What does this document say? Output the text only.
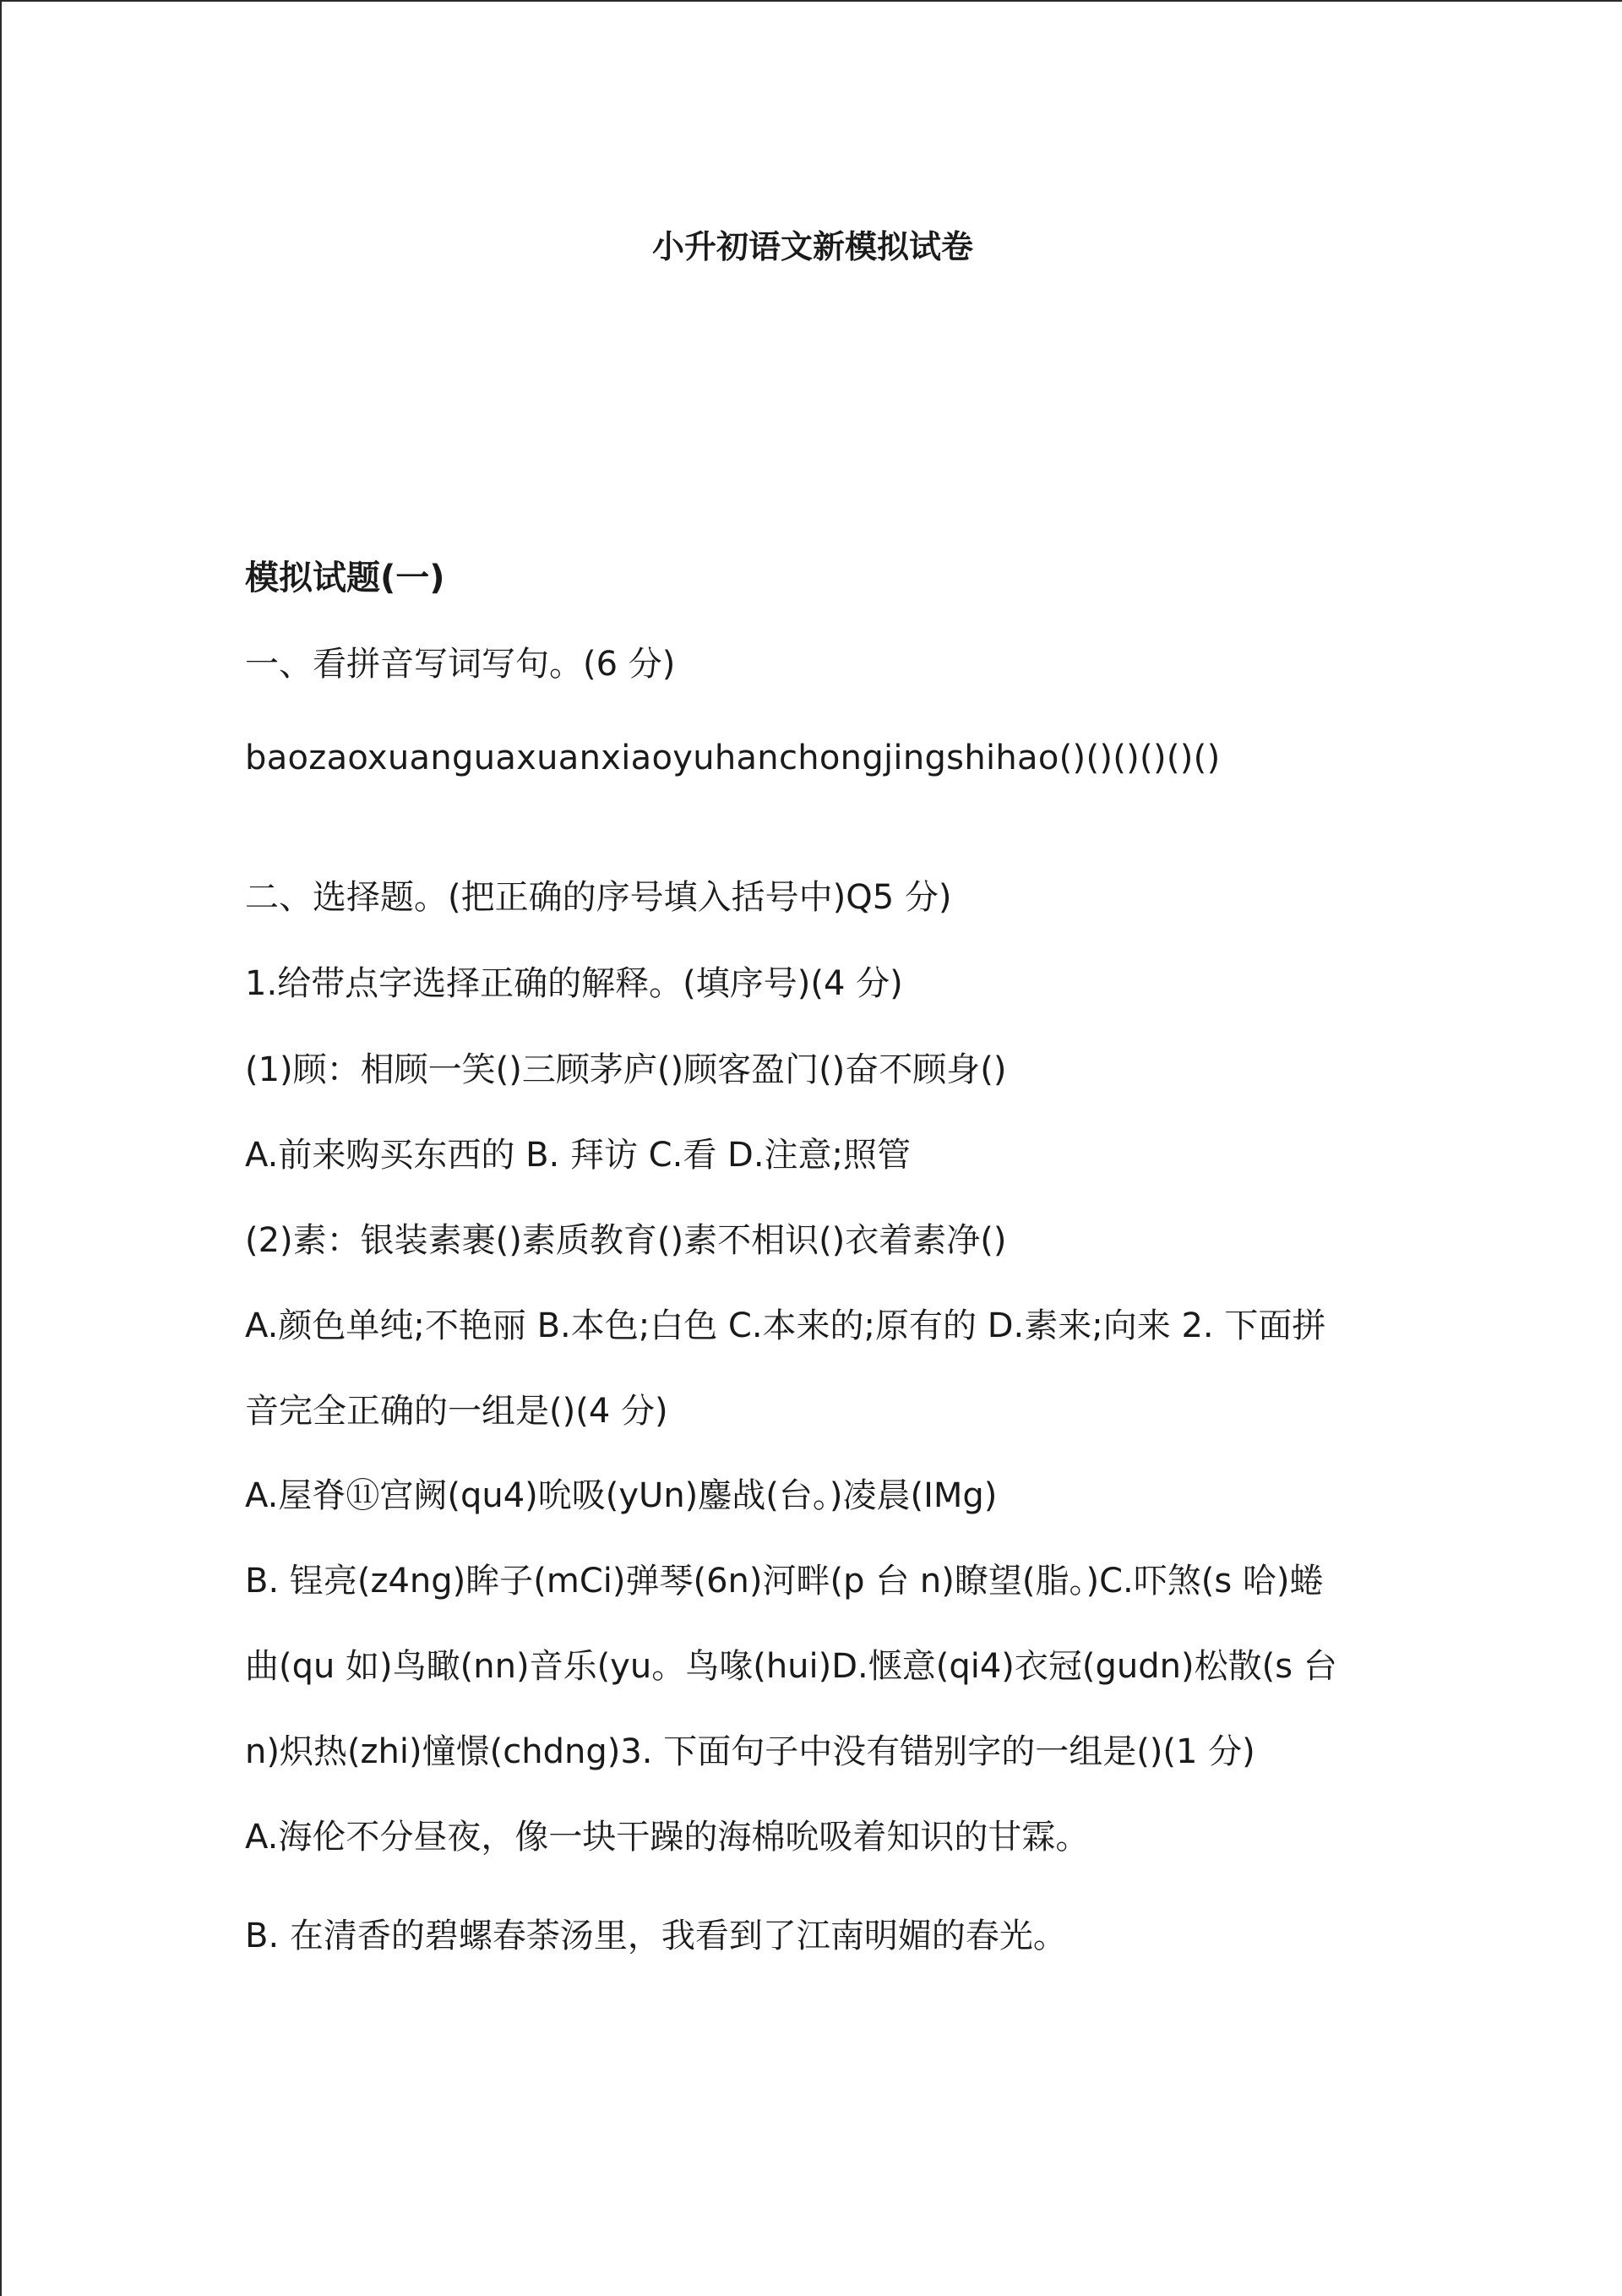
小升初语文新模拟试卷
模拟试题(一)
一、看拼音写词写句。(6 分)
baozaoxuanguaxuanxiaoyuhanchongjingshihao()()()()()()
二、选择题。(把正确的序号填入括号中)Q5 分)
1.给带点字选择正确的解释。(填序号)(4 分)
(1)顾：相顾一笑()三顾茅庐()顾客盈门()奋不顾身()
A.前来购买东西的 B. 拜访 C.看 D.注意;照管
(2)素：银装素裹()素质教育()素不相识()衣着素净()
A.颜色单纯;不艳丽 B.本色;白色 C.本来的;原有的 D.素来;向来 2. 下面拼
音完全正确的一组是()(4 分)
A.屋脊⑪宫阙(qu4)吮吸(yUn)鏖战(台。)凌晨(IMg)
B. 锃亮(z4ng)眸子(mCi)弹琴(6n)河畔(p 台 n)瞭望(脂。)C.吓煞(s 哈)蜷
曲(qu 如)鸟瞰(nn)音乐(yu。鸟喙(hui)D.惬意(qi4)衣冠(gudn)松散(s 台
n)炽热(zhi)憧憬(chdng)3. 下面句子中没有错别字的一组是()(1 分)
A.海伦不分昼夜，像一块干躁的海棉吮吸着知识的甘霖。
B. 在清香的碧螺春荼汤里，我看到了江南明媚的春光。
